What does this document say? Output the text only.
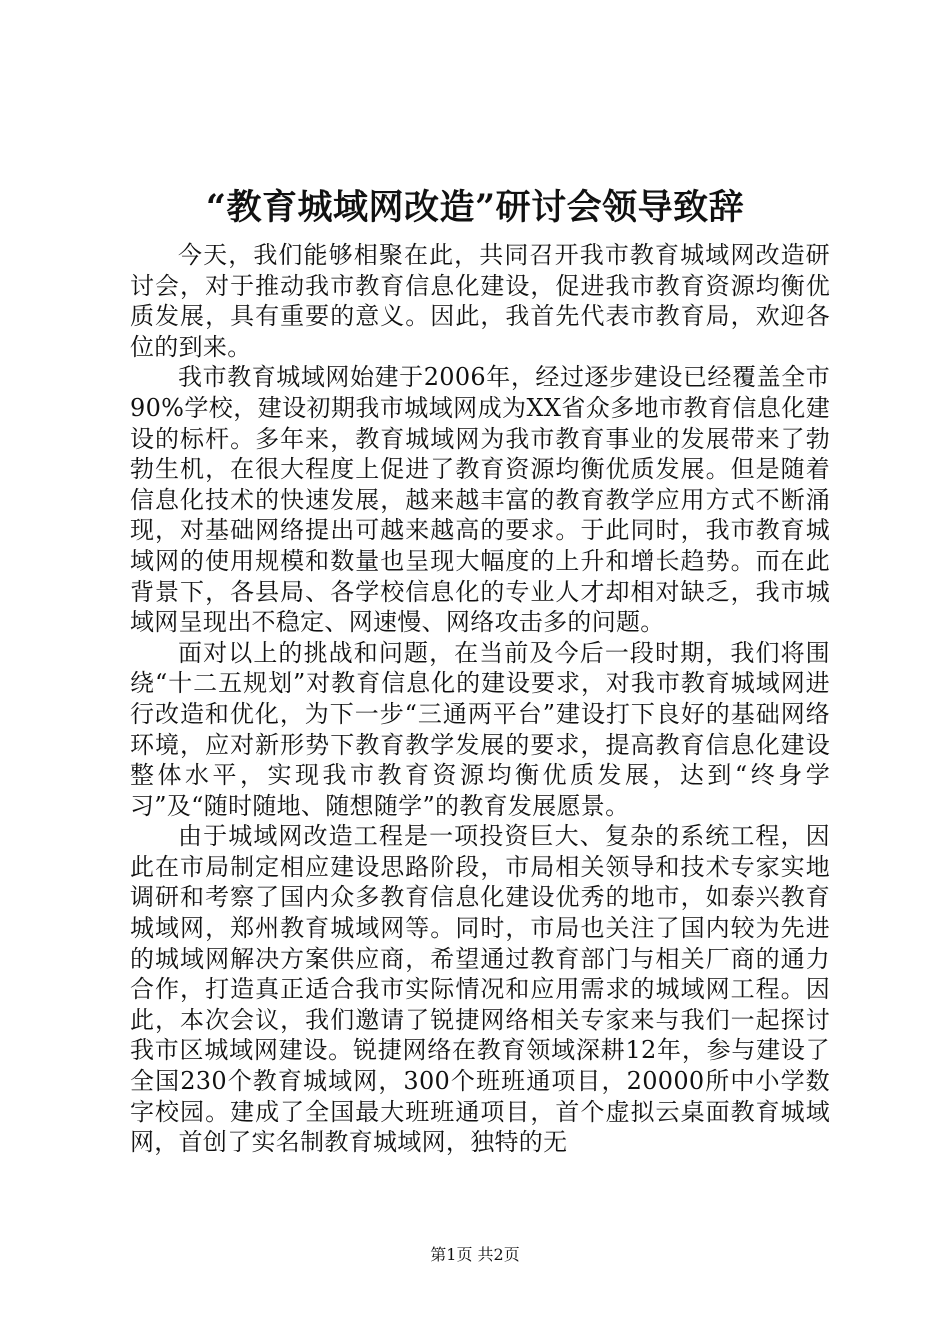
“教育城域网改造”研讨会领导致辞

今天，我们能够相聚在此，共同召开我市教育城域网改造研讨会，对于推动我市教育信息化建设，促进我市教育资源均衡优质发展，具有重要的意义。因此，我首先代表市教育局，欢迎各位的到来。

我市教育城域网始建于2006年，经过逐步建设已经覆盖全市90%学校，建设初期我市城域网成为XX省众多地市教育信息化建设的标杆。多年来，教育城域网为我市教育事业的发展带来了勃勃生机，在很大程度上促进了教育资源均衡优质发展。但是随着信息化技术的快速发展，越来越丰富的教育教学应用方式不断涌现，对基础网络提出可越来越高的要求。于此同时，我市教育城域网的使用规模和数量也呈现大幅度的上升和增长趋势。而在此背景下，各县局、各学校信息化的专业人才却相对缺乏，我市城域网呈现出不稳定、网速慢、网络攻击多的问题。

面对以上的挑战和问题，在当前及今后一段时期，我们将围绕“十二五规划”对教育信息化的建设要求，对我市教育城域网进行改造和优化，为下一步“三通两平台”建设打下良好的基础网络环境，应对新形势下教育教学发展的要求，提高教育信息化建设整体水平，实现我市教育资源均衡优质发展，达到“终身学习”及“随时随地、随想随学”的教育发展愿景。

由于城域网改造工程是一项投资巨大、复杂的系统工程，因此在市局制定相应建设思路阶段，市局相关领导和技术专家实地调研和考察了国内众多教育信息化建设优秀的地市，如泰兴教育城域网，郑州教育城域网等。同时，市局也关注了国内较为先进的城域网解决方案供应商，希望通过教育部门与相关厂商的通力合作，打造真正适合我市实际情况和应用需求的城域网工程。因此，本次会议，我们邀请了锐捷网络相关专家来与我们一起探讨我市区城域网建设。锐捷网络在教育领域深耕12年，参与建设了全国230个教育城域网，300个班班通项目，20000所中小学数字校园。建成了全国最大班班通项目，首个虚拟云桌面教育城域网，首创了实名制教育城域网，独特的无

第1页 共2页
